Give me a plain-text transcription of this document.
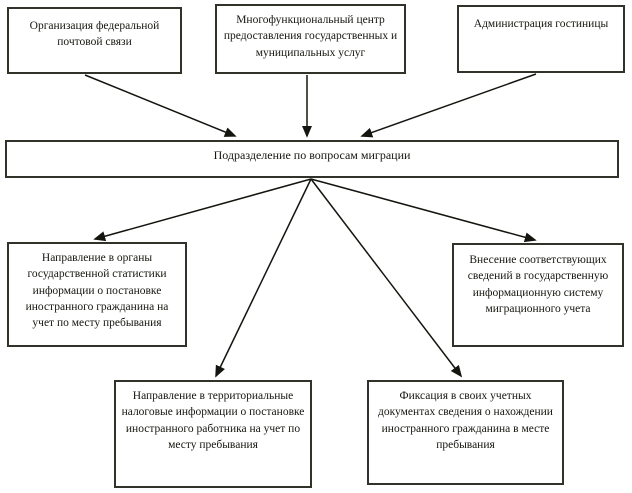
Организация федеральной почтовой связи
Многофункциональный центр предоставления государственных и муниципальных услуг
Администрация гостиницы
Подразделение по вопросам миграции
Направление в органы государственной статистики информации о постановке иностранного гражданина на учет по месту пребывания
Внесение соответствующих сведений в государственную информационную систему миграционного учета
Направление в территориальные налоговые информации о постановке иностранного работника на учет по месту пребывания
Фиксация в своих учетных документах сведения о нахождении иностранного гражданина в месте пребывания
